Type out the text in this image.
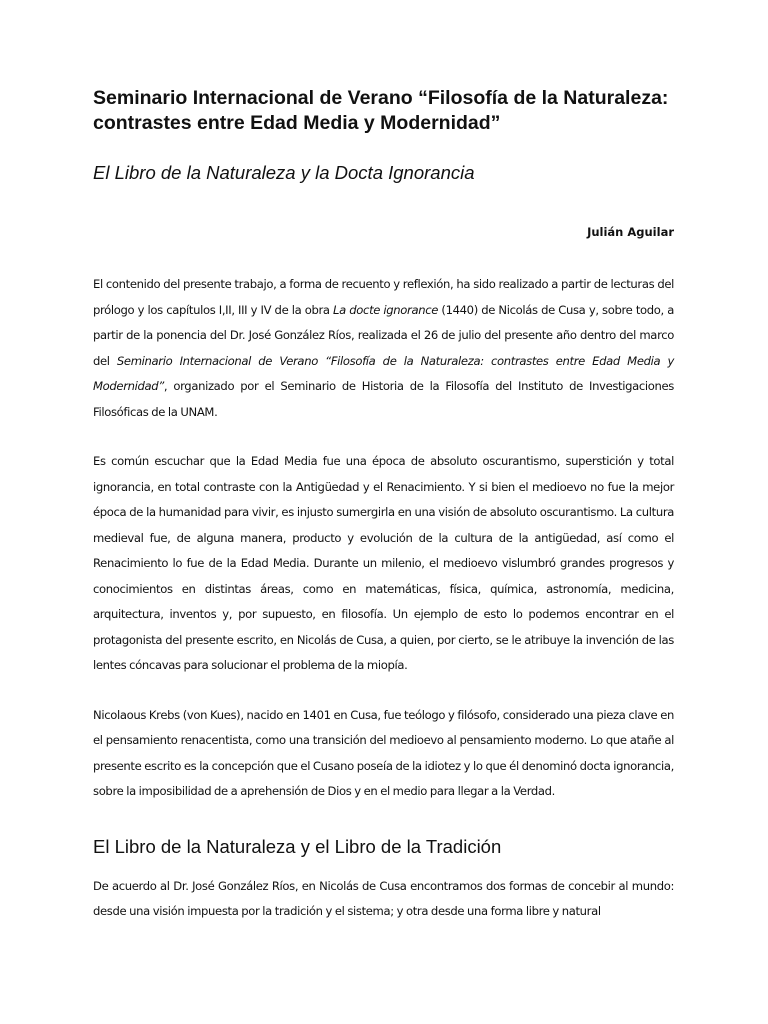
Seminario Internacional de Verano “Filosofía de la Naturaleza: contrastes entre Edad Media y Modernidad”
El Libro de la Naturaleza y la Docta Ignorancia

Julián Aguilar

El contenido del presente trabajo, a forma de recuento y reflexión, ha sido realizado a partir de lecturas del prólogo y los capítulos I,II, III y IV de la obra La docte ignorance (1440) de Nicolás de Cusa y, sobre todo, a partir de la ponencia del Dr. José González Ríos, realizada el 26 de julio del presente año dentro del marco del Seminario Internacional de Verano “Filosofía de la Naturaleza: contrastes entre Edad Media y Modernidad”, organizado por el Seminario de Historia de la Filosofía del Instituto de Investigaciones Filosóficas de la UNAM.

Es común escuchar que la Edad Media fue una época de absoluto oscurantismo, superstición y total ignorancia, en total contraste con la Antigüedad y el Renacimiento. Y si bien el medioevo no fue la mejor época de la humanidad para vivir, es injusto sumergirla en una visión de absoluto oscurantismo. La cultura medieval fue, de alguna manera, producto y evolución de la cultura de la antigüedad, así como el Renacimiento lo fue de la Edad Media. Durante un milenio, el medioevo vislumbró grandes progresos y conocimientos en distintas áreas, como en matemáticas, física, química, astronomía, medicina, arquitectura, inventos y, por supuesto, en filosofía. Un ejemplo de esto lo podemos encontrar en el protagonista del presente escrito, en Nicolás de Cusa, a quien, por cierto, se le atribuye la invención de las lentes cóncavas para solucionar el problema de la miopía.

Nicolaous Krebs (von Kues), nacido en 1401 en Cusa, fue teólogo y filósofo, considerado una pieza clave en el pensamiento renacentista, como una transición del medioevo al pensamiento moderno. Lo que atañe al presente escrito es la concepción que el Cusano poseía de la idiotez y lo que él denominó docta ignorancia, sobre la imposibilidad de a aprehensión de Dios y en el medio para llegar a la Verdad.

El Libro de la Naturaleza y el Libro de la Tradición

De acuerdo al Dr. José González Ríos, en Nicolás de Cusa encontramos dos formas de concebir al mundo: desde una visión impuesta por la tradición y el sistema; y otra desde una forma libre y natural
